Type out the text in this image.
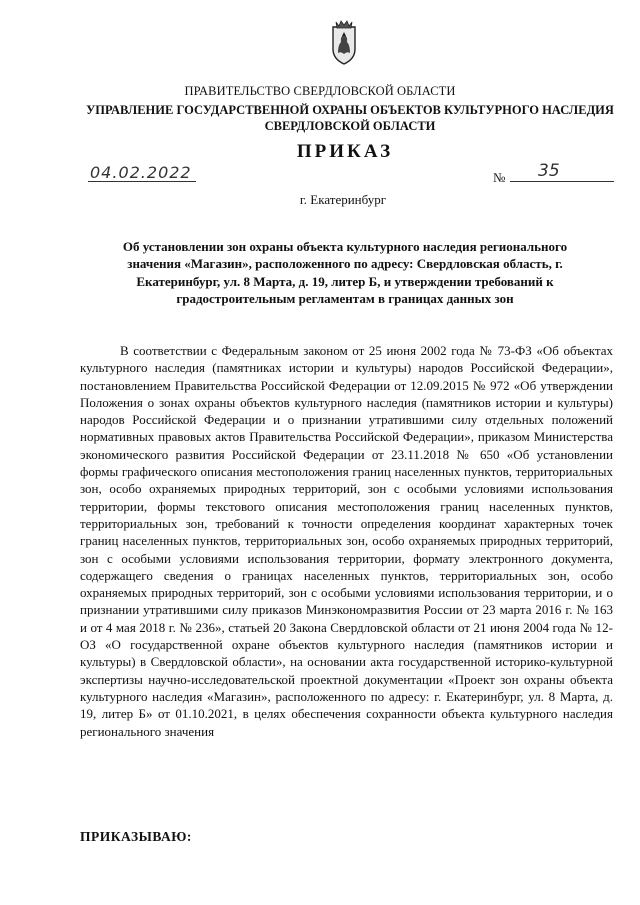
ПРАВИТЕЛЬСТВО СВЕРДЛОВСКОЙ ОБЛАСТИ
УПРАВЛЕНИЕ ГОСУДАРСТВЕННОЙ ОХРАНЫ ОБЪЕКТОВ КУЛЬТУРНОГО НАСЛЕДИЯ СВЕРДЛОВСКОЙ ОБЛАСТИ
ПРИКАЗ
04.02.2022	№ 35
г. Екатеринбург
Об установлении зон охраны объекта культурного наследия регионального значения «Магазин», расположенного по адресу: Свердловская область, г. Екатеринбург, ул. 8 Марта, д. 19, литер Б, и утверждении требований к градостроительным регламентам в границах данных зон
В соответствии с Федеральным законом от 25 июня 2002 года № 73-ФЗ «Об объектах культурного наследия (памятниках истории и культуры) народов Российской Федерации», постановлением Правительства Российской Федерации от 12.09.2015 № 972 «Об утверждении Положения о зонах охраны объектов культурного наследия (памятников истории и культуры) народов Российской Федерации и о признании утратившими силу отдельных положений нормативных правовых актов Правительства Российской Федерации», приказом Министерства экономического развития Российской Федерации от 23.11.2018 № 650 «Об установлении формы графического описания местоположения границ населенных пунктов, территориальных зон, особо охраняемых природных территорий, зон с особыми условиями использования территории, формы текстового описания местоположения границ населенных пунктов, территориальных зон, требований к точности определения координат характерных точек границ населенных пунктов, территориальных зон, особо охраняемых природных территорий, зон с особыми условиями использования территории, формату электронного документа, содержащего сведения о границах населенных пунктов, территориальных зон, особо охраняемых природных территорий, зон с особыми условиями использования территории, и о признании утратившими силу приказов Минэкономразвития России от 23 марта 2016 г. № 163 и от 4 мая 2018 г. № 236», статьей 20 Закона Свердловской области от 21 июня 2004 года № 12-ОЗ «О государственной охране объектов культурного наследия (памятников истории и культуры) в Свердловской области», на основании акта государственной историко-культурной экспертизы научно-исследовательской проектной документации «Проект зон охраны объекта культурного наследия «Магазин», расположенного по адресу: г. Екатеринбург, ул. 8 Марта, д. 19, литер Б» от 01.10.2021, в целях обеспечения сохранности объекта культурного наследия регионального значения
ПРИКАЗЫВАЮ:
